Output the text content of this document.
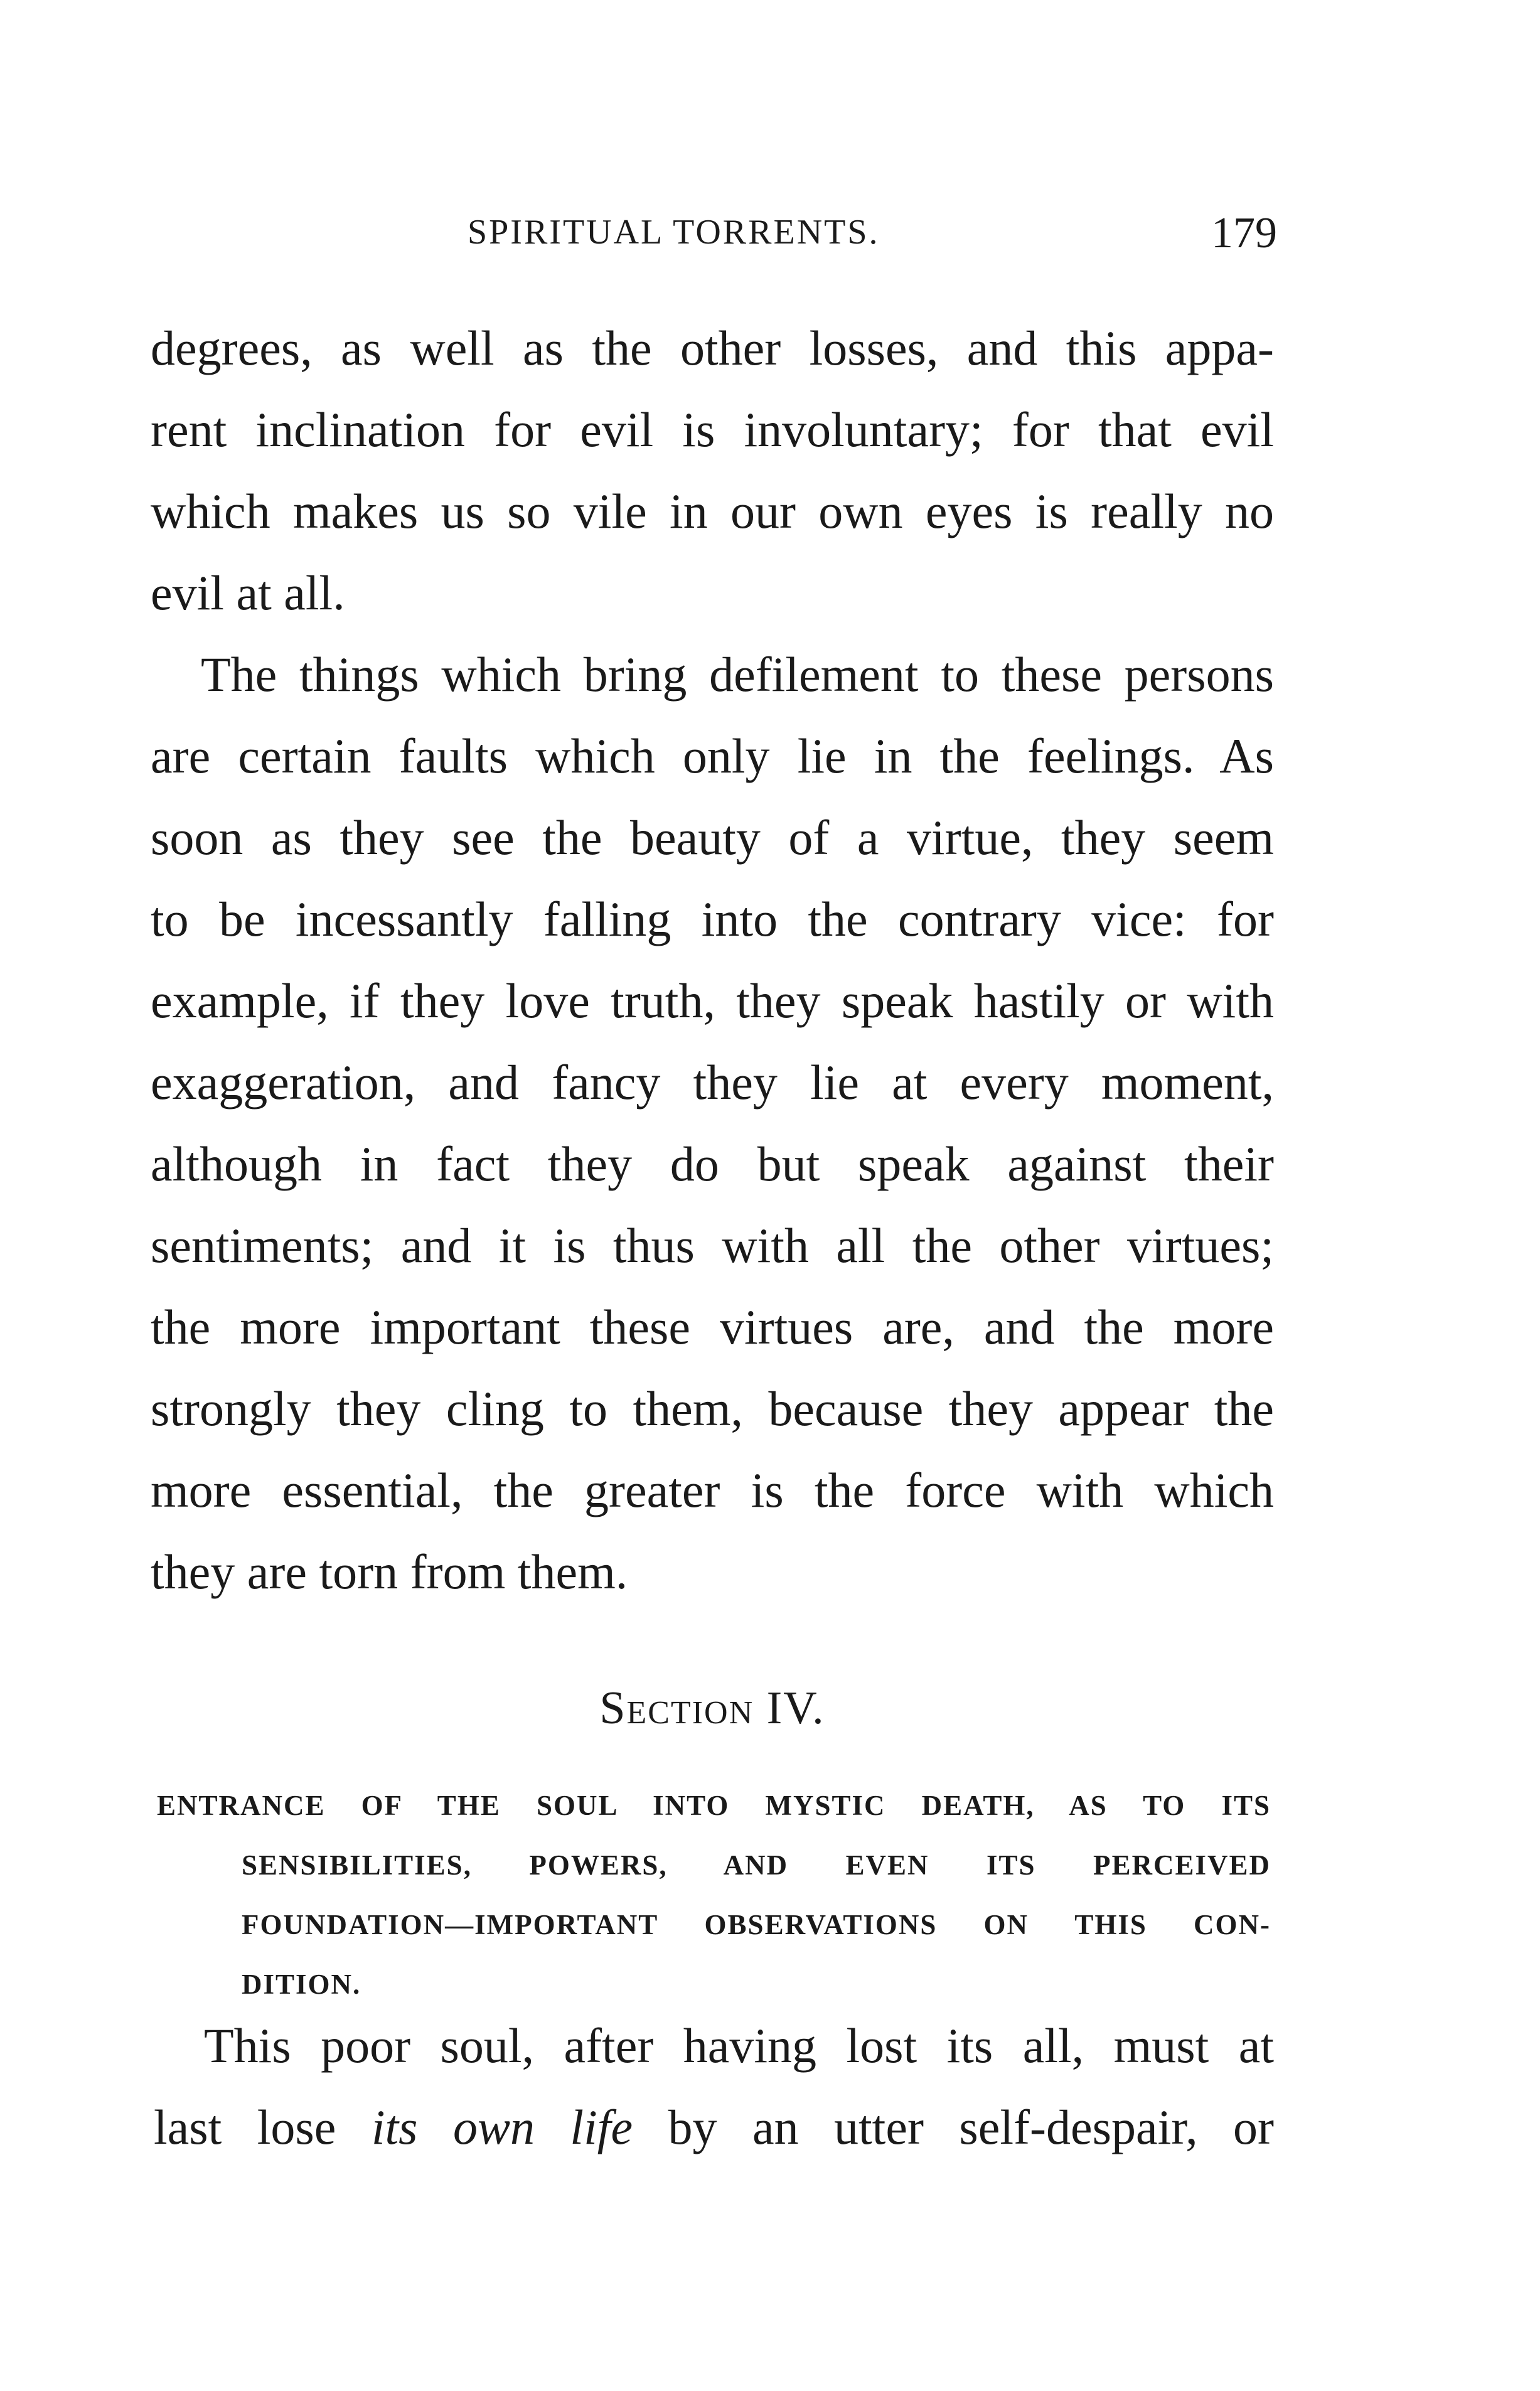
SPIRITUAL TORRENTS.	179
degrees, as well as the other losses, and this appa-
rent inclination for evil is involuntary; for that evil
which makes us so vile in our own eyes is really no
evil at all.
The things which bring defilement to these persons
are certain faults which only lie in the feelings. As
soon as they see the beauty of a virtue, they seem
to be incessantly falling into the contrary vice: for
example, if they love truth, they speak hastily or with
exaggeration, and fancy they lie at every moment,
although in fact they do but speak against their
sentiments; and it is thus with all the other virtues;
the more important these virtues are, and the more
strongly they cling to them, because they appear the
more essential, the greater is the force with which
they are torn from them.
Section IV.
ENTRANCE OF THE SOUL INTO MYSTIC DEATH, AS TO ITS
SENSIBILITIES, POWERS, AND EVEN ITS PERCEIVED
FOUNDATION—IMPORTANT OBSERVATIONS ON THIS CON-
DITION.
This poor soul, after having lost its all, must at
last lose its own life by an utter self-despair, or
